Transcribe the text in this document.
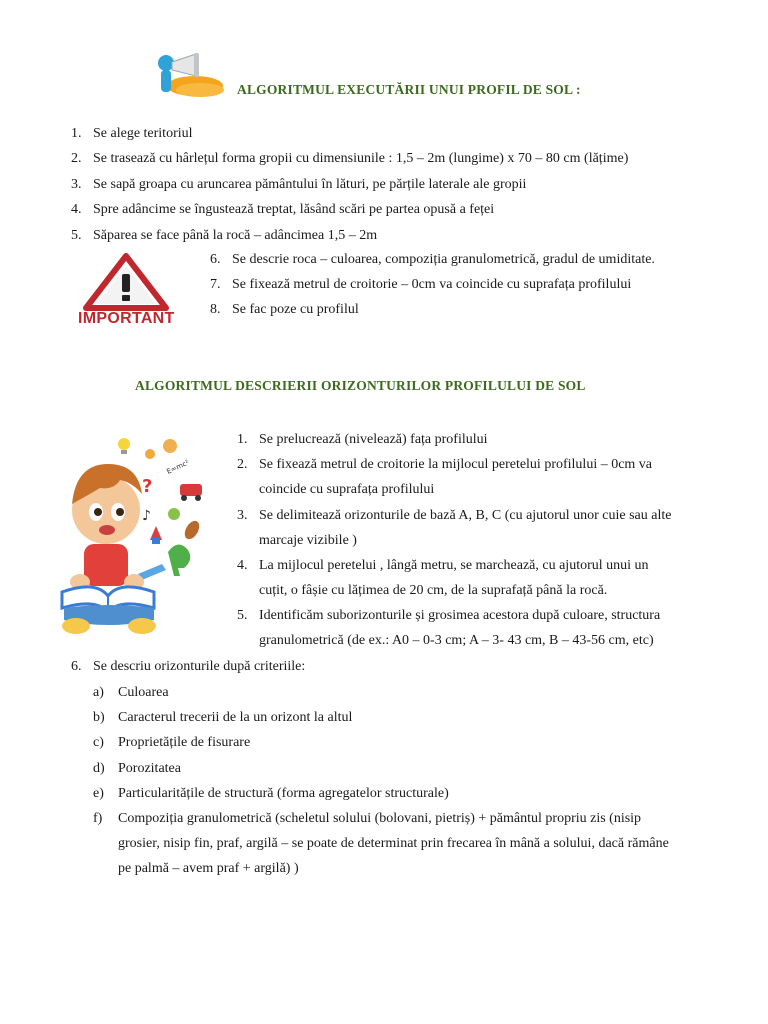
ALGORITMUL EXECUTĂRII UNUI PROFIL DE SOL :
1. Se alege teritoriul
2. Se trasează cu hârlețul forma gropii cu dimensiunile : 1,5 – 2m (lungime) x 70 – 80 cm (lățime)
3. Se sapă groapa cu aruncarea pământului în lături, pe părțile laterale ale gropii
4. Spre adâncime se îngustează treptat, lăsând scări pe partea opusă a feței
5. Săparea se face până la rocă – adâncimea 1,5 – 2m
IMPORTANT
6. Se descrie roca – culoarea, compoziția granulometrică, gradul de umiditate.
7. Se fixează metrul de croitorie – 0cm va coincide cu suprafața profilului
8. Se fac poze cu profilul
ALGORITMUL DESCRIERII ORIZONTURILOR PROFILULUI DE SOL
E=mc²
?
♪
1. Se prelucrează (nivelează) fața profilului
2. Se fixează metrul de croitorie la mijlocul peretelui profilului – 0cm va
coincide cu suprafața profilului
3. Se delimitează orizonturile de bază A, B, C (cu ajutorul unor cuie sau alte
marcaje vizibile )
4. La mijlocul peretelui , lângă metru, se marchează, cu ajutorul unui un
cuțit, o fâșie cu lățimea de 20 cm, de la suprafață până la rocă.
5. Identificăm suborizonturile și grosimea acestora după culoare, structura
granulometrică (de ex.: A0 – 0-3 cm; A – 3- 43 cm, B – 43-56 cm, etc)
6. Se descriu orizonturile după criteriile:
a) Culoarea
b) Caracterul trecerii de la un orizont la altul
c) Proprietățile de fisurare
d) Porozitatea
e) Particularitățile de structură (forma agregatelor structurale)
f) Compoziția granulometrică (scheletul solului (bolovani, pietriș) + pământul propriu zis (nisip
grosier, nisip fin, praf, argilă – se poate de determinat prin frecarea în mână a solului, dacă rămâne
pe palmă – avem praf + argilă) )
